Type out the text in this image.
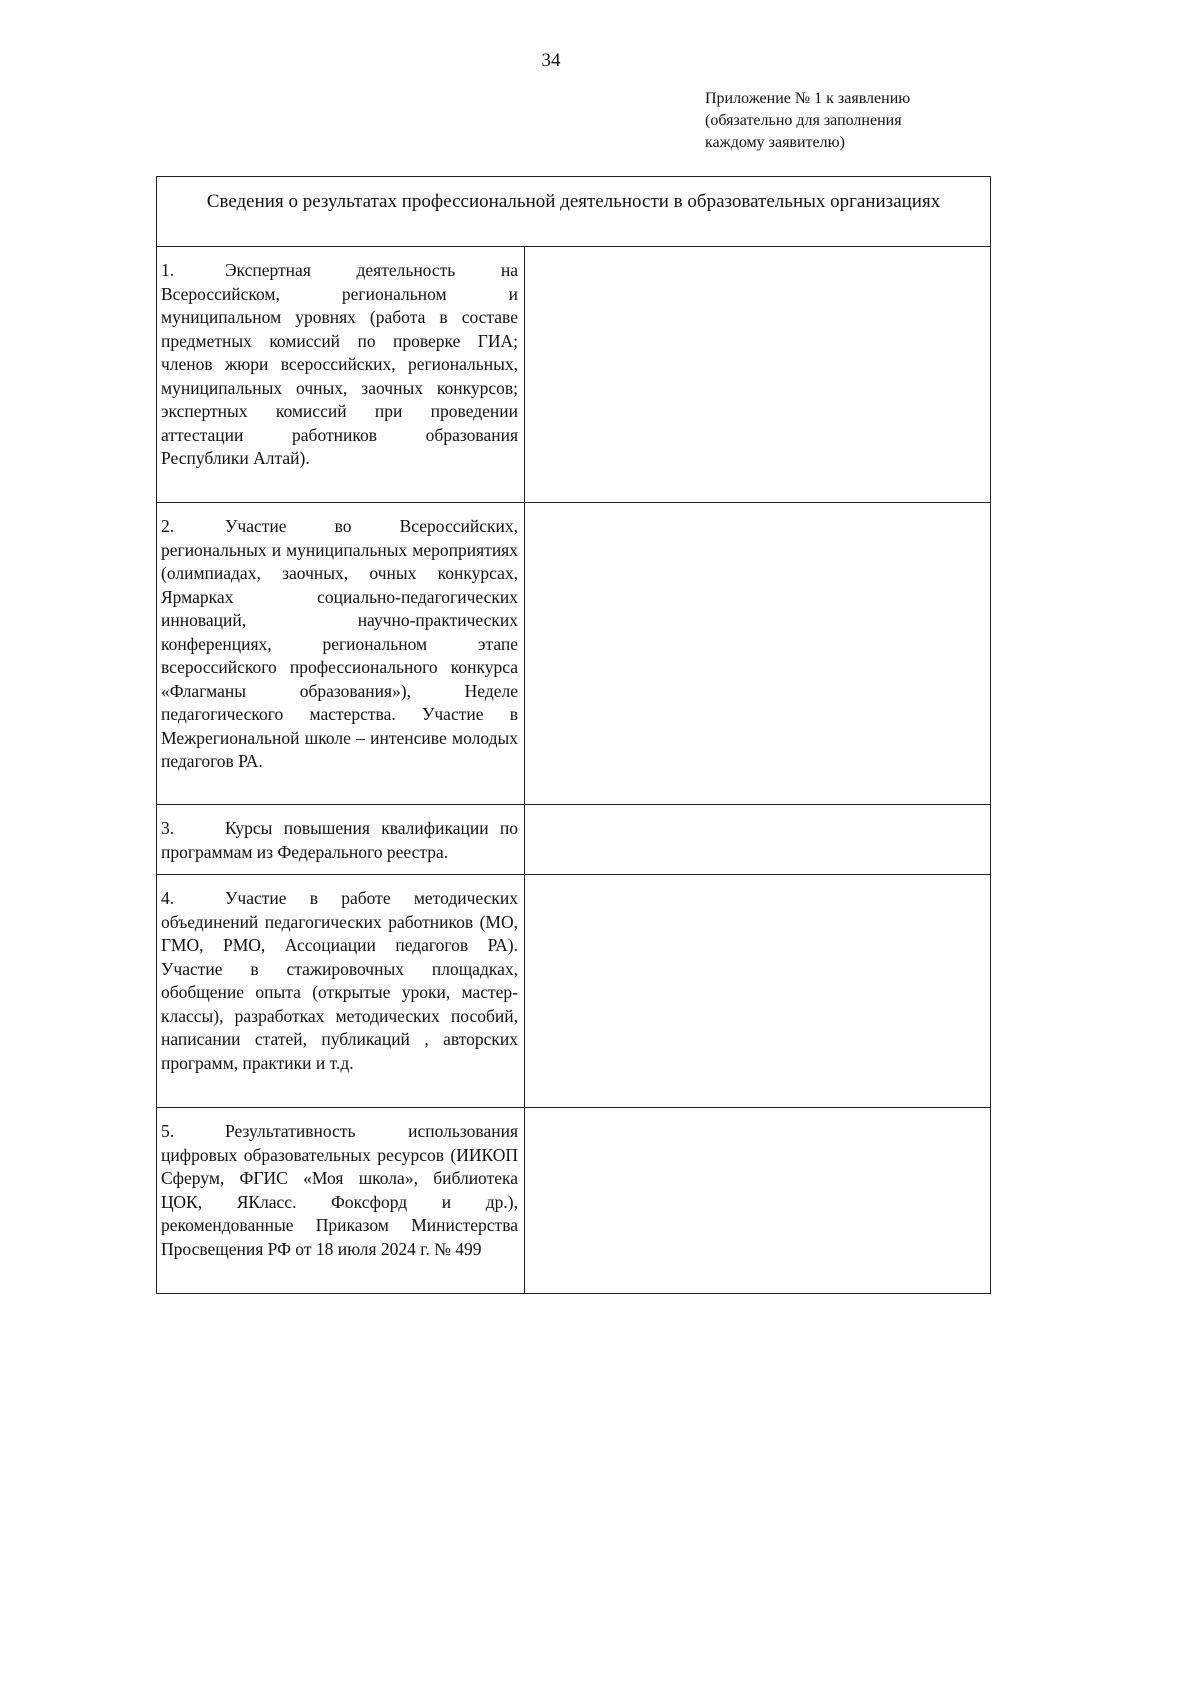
34
Приложение № 1 к заявлению
(обязательно для заполнения
каждому заявителю)
Сведения о результатах профессиональной деятельности в образовательных организациях	
1. Экспертная деятельность на Всероссийском, региональном и муниципальном уровнях (работа в составе предметных комиссий по проверке ГИА; членов жюри всероссийских, региональных, муниципальных очных, заочных конкурсов; экспертных комиссий при проведении аттестации работников образования Республики Алтай).	
2. Участие во Всероссийских, региональных и муниципальных мероприятиях (олимпиадах, заочных, очных конкурсах, Ярмарках социально-педагогических инноваций, научно-практических конференциях, региональном этапе всероссийского профессионального конкурса «Флагманы образования»), Неделе педагогического мастерства. Участие в Межрегиональной школе – интенсиве молодых педагогов РА.	
3. Курсы повышения квалификации по программам из Федерального реестра.	
4. Участие в работе методических объединений педагогических работников (МО, ГМО, РМО, Ассоциации педагогов РА). Участие в стажировочных площадках, обобщение опыта (открытые уроки, мастер-классы), разработках методических пособий, написании статей, публикаций , авторских программ, практики и т.д.	
5. Результативность использования цифровых образовательных ресурсов (ИИКОП Сферум, ФГИС «Моя школа», библиотека ЦОК, ЯКласс. Фоксфорд и др.), рекомендованные Приказом Министерства Просвещения РФ от 18 июля 2024 г. № 499	
